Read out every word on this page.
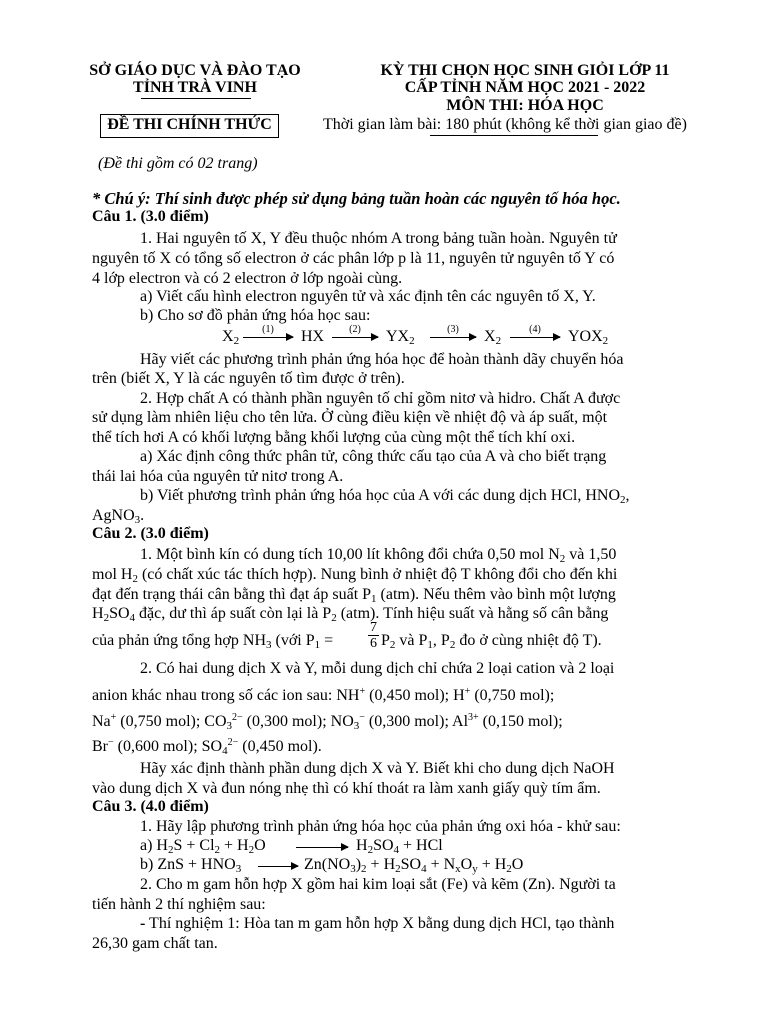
SỞ GIÁO DỤC VÀ ĐÀO TẠO
TỈNH TRÀ VINH
KỲ THI CHỌN HỌC SINH GIỎI LỚP 11
CẤP TỈNH NĂM HỌC 2021 - 2022
MÔN THI: HÓA HỌC
ĐỀ THI CHÍNH THỨC	Thời gian làm bài: 180 phút (không kể thời gian giao đề)
(Đề thi gồm có 02 trang)
* Chú ý: Thí sinh được phép sử dụng bảng tuần hoàn các nguyên tố hóa học.
Câu 1. (3.0 điểm)
1. Hai nguyên tố X, Y đều thuộc nhóm A trong bảng tuần hoàn. Nguyên tử
nguyên tố X có tổng số electron ở các phân lớp p là 11, nguyên tử nguyên tố Y có
4 lớp electron và có 2 electron ở lớp ngoài cùng.
a) Viết cấu hình electron nguyên tử và xác định tên các nguyên tố X, Y.
b) Cho sơ đồ phản ứng hóa học sau:
$X_2$
(1)	HX	(2)	$YX_2$
(3)	$X_2$
(4)	$YOX_2$
Hãy viết các phương trình phản ứng hóa học để hoàn thành dãy chuyển hóa
trên (biết X, Y là các nguyên tố tìm được ở trên).
2. Hợp chất A có thành phần nguyên tố chỉ gồm nitơ và hidro. Chất A được
sử dụng làm nhiên liệu cho tên lửa. Ở cùng điều kiện về nhiệt độ và áp suất, một
thể tích hơi A có khối lượng bằng khối lượng của cùng một thể tích khí oxi.
a) Xác định công thức phân tử, công thức cấu tạo của A và cho biết trạng
thái lai hóa của nguyên tử nitơ trong A.
b) Viết phương trình phản ứng hóa học của A với các dung dịch HCl, $HNO_2$,
AgNO$_3$.
Câu 2. (3.0 điểm)
1. Một bình kín có dung tích 10,00 lít không đổi chứa 0,50 mol $N_2$ và 1,50
mol $H_2$ (có chất xúc tác thích hợp). Nung bình ở nhiệt độ T không đổi cho đến khi
đạt đến trạng thái cân bằng thì đạt áp suất $P_1$ (atm). Nếu thêm vào bình một lượng
$H_2SO_4$ đặc, dư thì áp suất còn lại là $P_2$ (atm). Tính hiệu suất và hằng số cân bằng
của phản ứng tổng hợp $NH_3$ (với $P_1 = \frac{7}{6} P_2$ và $P_1$, $P_2$ đo ở cùng nhiệt độ T).
2. Có hai dung dịch X và Y, mỗi dung dịch chỉ chứa 2 loại cation và 2 loại
anion khác nhau trong số các ion sau: NH+ (0,450 mol); H+ (0,750 mol);
Na+ (0,750 mol); $CO_3^{2-}$ (0,300 mol); $NO_3^-$ (0,300 mol); $Al^{3+}$ (0,150 mol);
Br− (0,600 mol); $SO_4^{2-}$ (0,450 mol).
Hãy xác định thành phần dung dịch X và Y. Biết khi cho dung dịch NaOH
vào dung dịch X và đun nóng nhẹ thì có khí thoát ra làm xanh giấy quỳ tím ẩm.
Câu 3. (4.0 điểm)
1. Hãy lập phương trình phản ứng hóa học của phản ứng oxi hóa - khử sau:
a) $H_2S + Cl_2 + H_2O$	$H_2SO_4$ + HCl
b) ZnS + $HNO_3$	$Zn(NO_3)_2 + H_2SO_4 + N_xO_y + H_2O$
2. Cho m gam hỗn hợp X gồm hai kim loại sắt (Fe) và kẽm (Zn). Người ta
tiến hành 2 thí nghiệm sau:
- Thí nghiệm 1: Hòa tan m gam hỗn hợp X bằng dung dịch HCl, tạo thành
26,30 gam chất tan.
